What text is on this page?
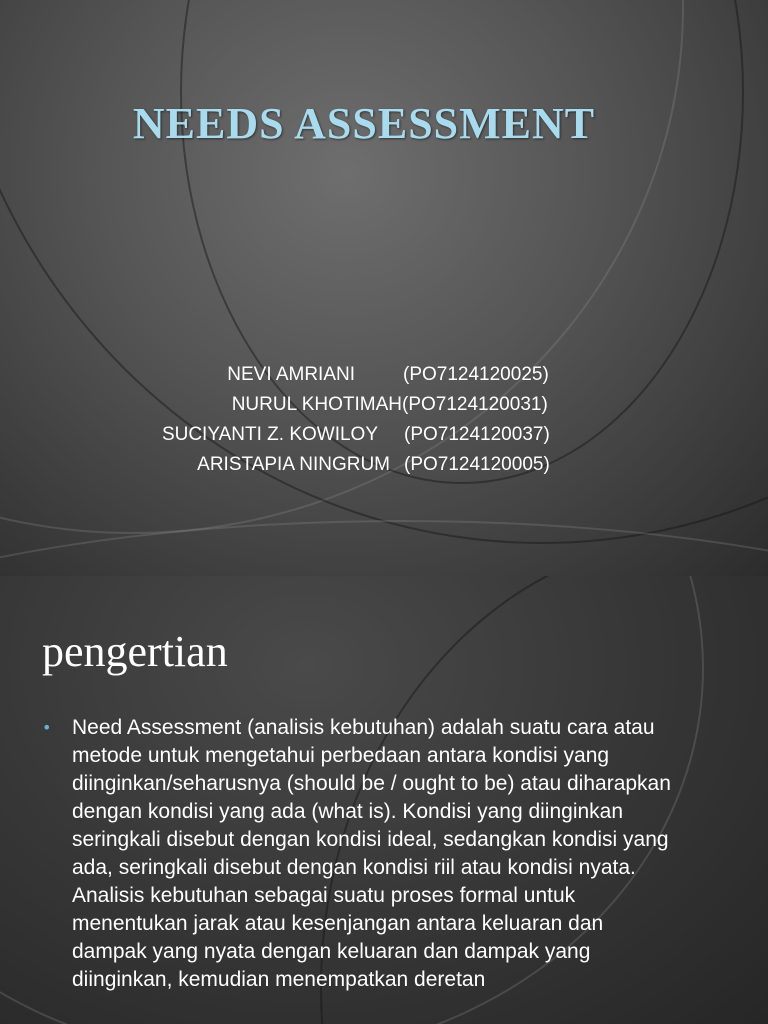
NEEDS ASSESSMENT
NEVI AMRIANI	(PO7124120025)
NURUL KHOTIMAH (PO7124120031)
SUCIYANTI Z. KOWILOY	(PO7124120037)
ARISTAPIA NINGRUM (PO7124120005)
pengertian
• Need Assessment (analisis kebutuhan) adalah suatu cara atau metode untuk mengetahui perbedaan antara kondisi yang diinginkan/seharusnya (should be / ought to be) atau diharapkan dengan kondisi yang ada (what is). Kondisi yang diinginkan seringkali disebut dengan kondisi ideal, sedangkan kondisi yang ada, seringkali disebut dengan kondisi riil atau kondisi nyata. Analisis kebutuhan sebagai suatu proses formal untuk menentukan jarak atau kesenjangan antara keluaran dan dampak yang nyata dengan keluaran dan dampak yang diinginkan, kemudian menempatkan deretan
